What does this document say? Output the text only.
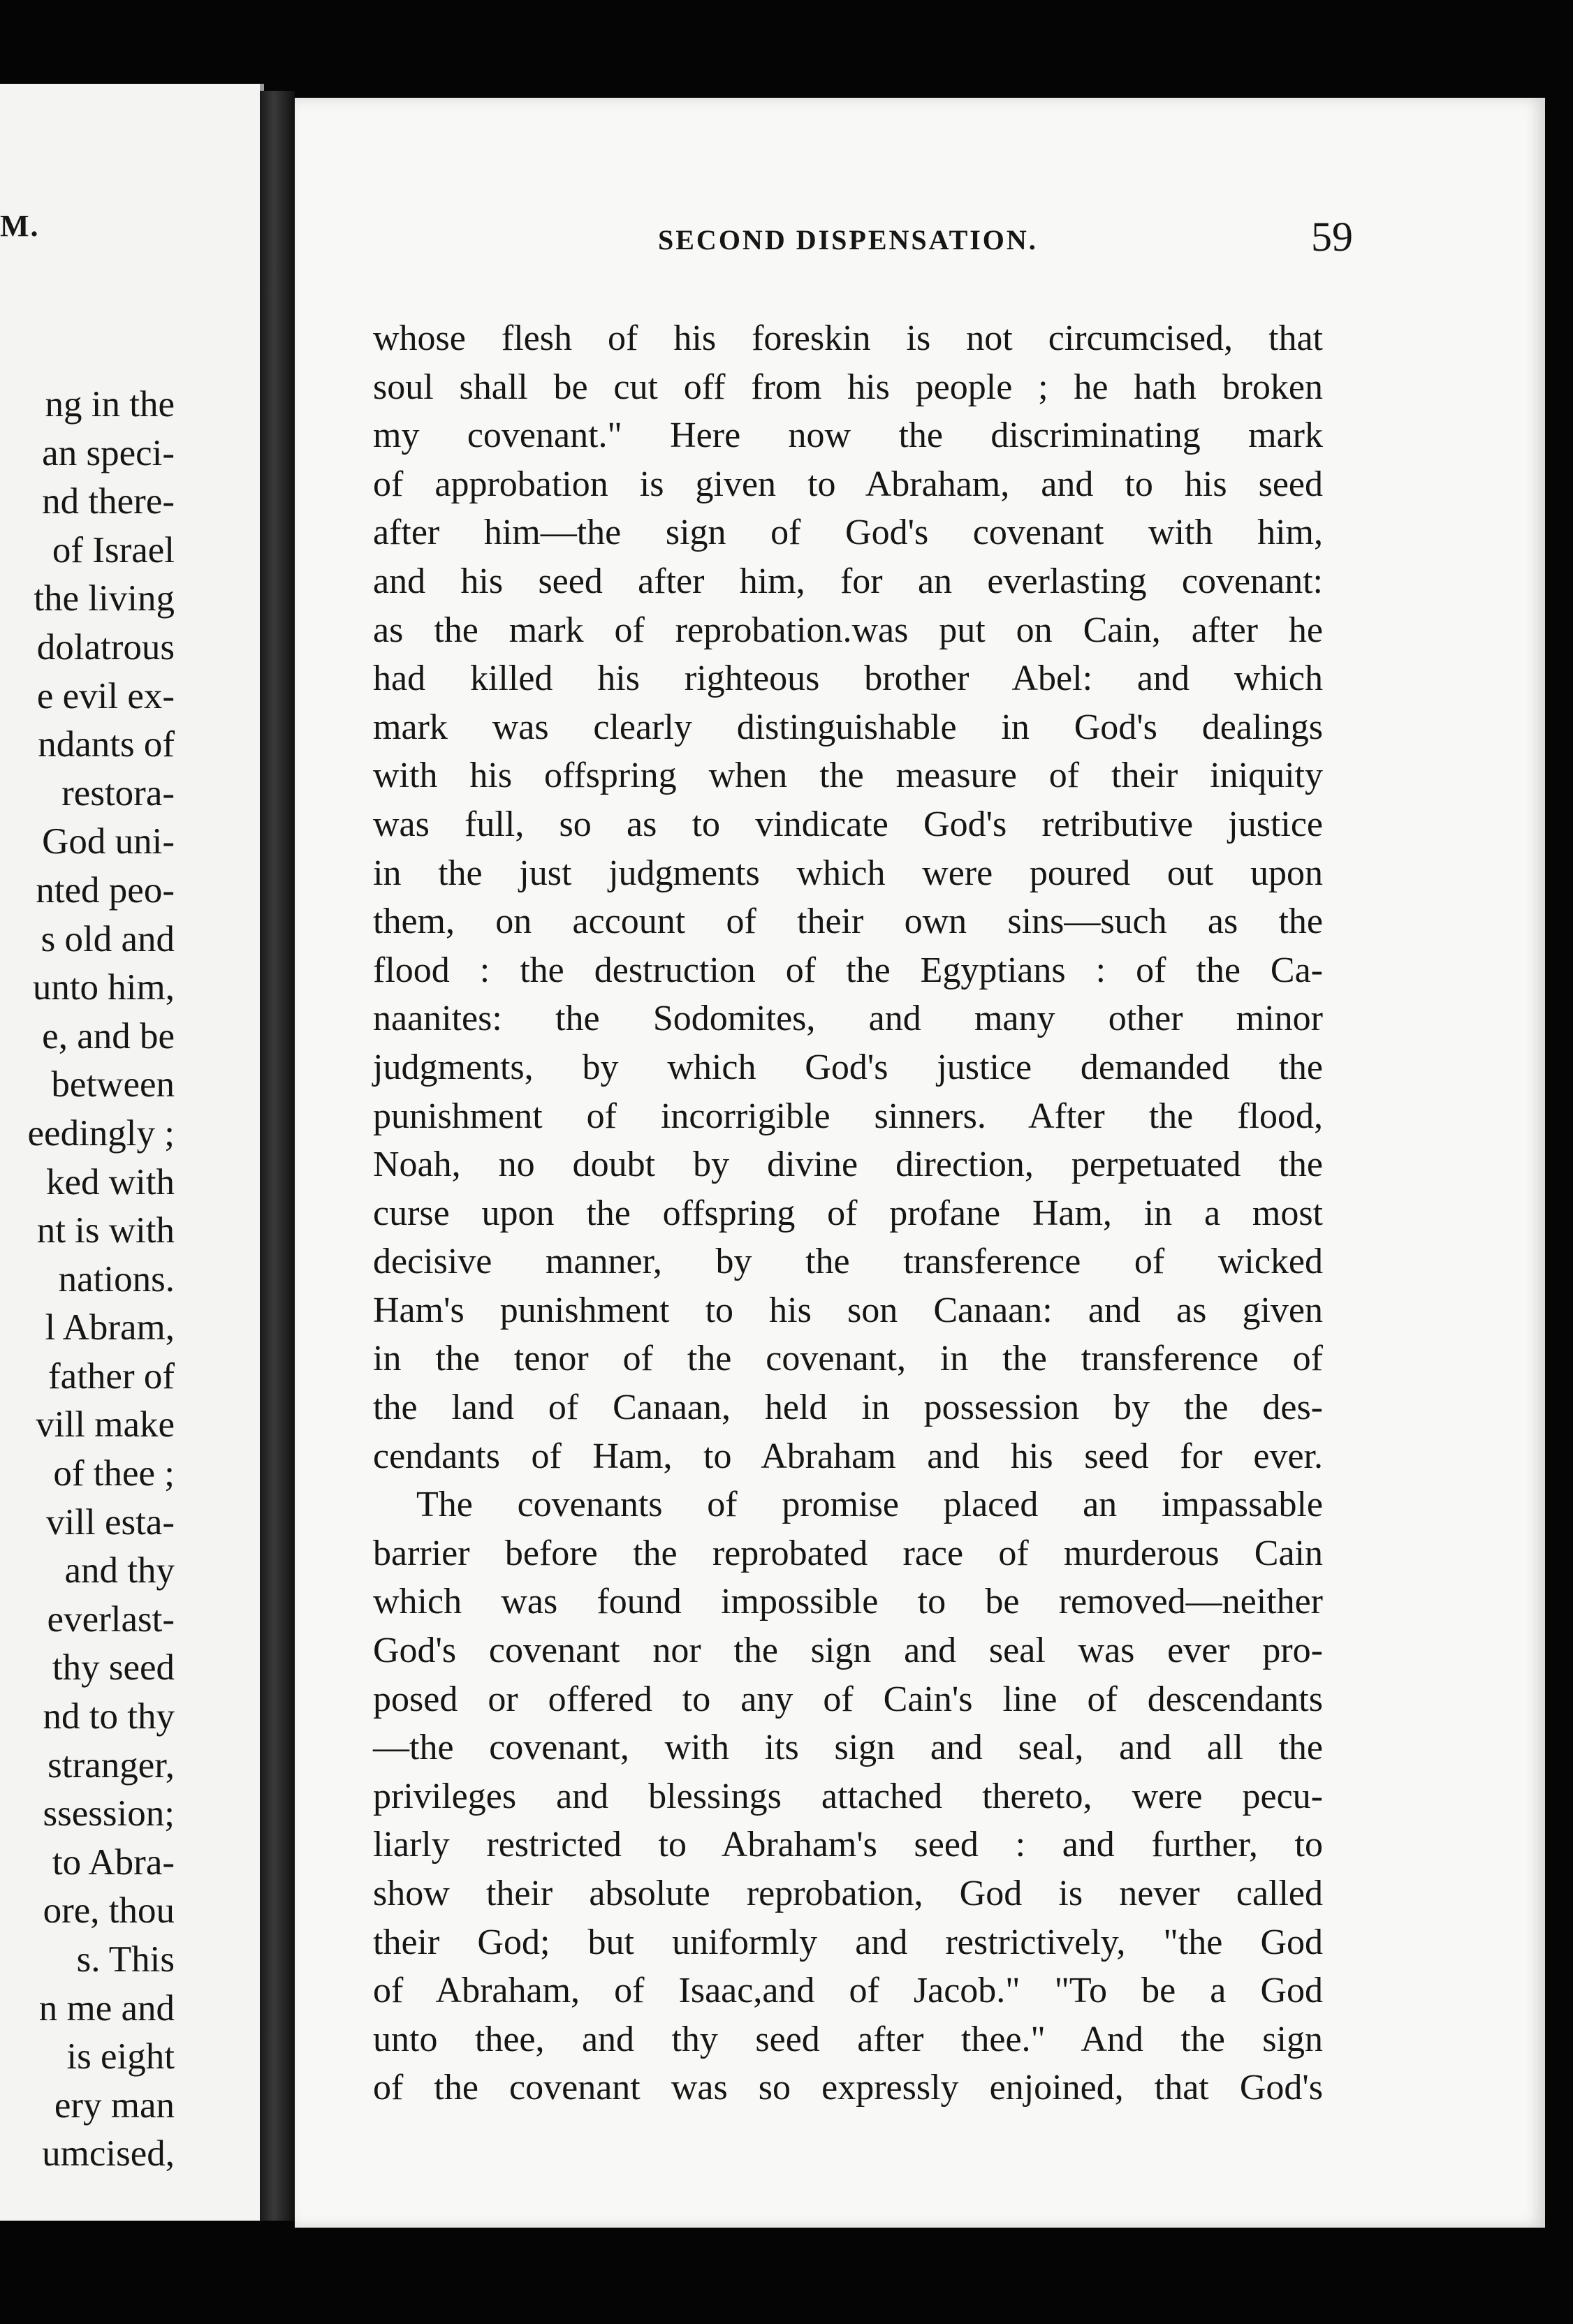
M.
ng in the
an speci-
nd there-
of Israel
the living
dolatrous
e evil ex-
ndants of
restora-
God uni-
nted peo-
s old and
unto him,
e, and be
between
eedingly ;
ked with
nt is with
nations.
l Abram,
father of
vill make
of thee ;
vill esta-
and thy
everlast-
thy seed
nd to thy
stranger,
ssession;
to Abra-
ore, thou
s. This
n me and
is eight
ery man
umcised,
SECOND DISPENSATION.	59
whose flesh of his foreskin is not circumcised, that
soul shall be cut off from his people ; he hath broken
my covenant." Here now the discriminating mark
of approbation is given to Abraham, and to his seed
after him—the sign of God's covenant with him,
and his seed after him, for an everlasting covenant:
as the mark of reprobation.was put on Cain, after he
had killed his righteous brother Abel: and which
mark was clearly distinguishable in God's dealings
with his offspring when the measure of their iniquity
was full, so as to vindicate God's retributive justice
in the just judgments which were poured out upon
them, on account of their own sins—such as the
flood : the destruction of the Egyptians : of the Ca-
naanites: the Sodomites, and many other minor
judgments, by which God's justice demanded the
punishment of incorrigible sinners. After the flood,
Noah, no doubt by divine direction, perpetuated the
curse upon the offspring of profane Ham, in a most
decisive manner, by the transference of wicked
Ham's punishment to his son Canaan: and as given
in the tenor of the covenant, in the transference of
the land of Canaan, held in possession by the des-
cendants of Ham, to Abraham and his seed for ever.
The covenants of promise placed an impassable
barrier before the reprobated race of murderous Cain
which was found impossible to be removed—neither
God's covenant nor the sign and seal was ever pro-
posed or offered to any of Cain's line of descendants
—the covenant, with its sign and seal, and all the
privileges and blessings attached thereto, were pecu-
liarly restricted to Abraham's seed : and further, to
show their absolute reprobation, God is never called
their God; but uniformly and restrictively, "the God
of Abraham, of Isaac,and of Jacob." "To be a God
unto thee, and thy seed after thee." And the sign
of the covenant was so expressly enjoined, that God's
